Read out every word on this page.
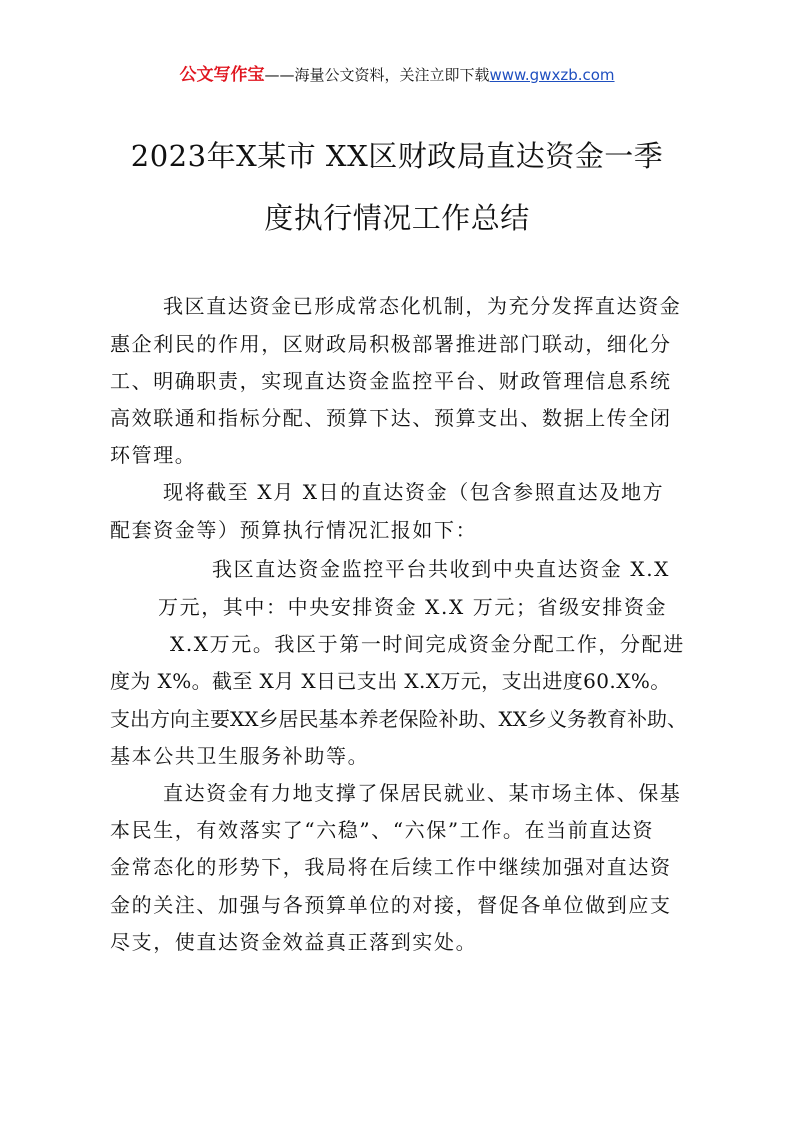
公文写作宝——海量公文资料，关注立即下载www.gwxzb.com
2023年X某市 XX区财政局直达资金一季
度执行情况工作总结
我区直达资金已形成常态化机制，为充分发挥直达资金
惠企利民的作用，区财政局积极部署推进部门联动，细化分
工、明确职责，实现直达资金监控平台、财政管理信息系统
高效联通和指标分配、预算下达、预算支出、数据上传全闭
环管理。
现将截至 X月 X日的直达资金（包含参照直达及地方
配套资金等）预算执行情况汇报如下：
我区直达资金监控平台共收到中央直达资金 X.X
万元，其中：中央安排资金 X.X 万元；省级安排资金
X.X万元。我区于第一时间完成资金分配工作，分配进
度为 X%。截至 X月 X日已支出 X.X万元，支出进度60.X%。
支出方向主要XX乡居民基本养老保险补助、XX乡义务教育补助、
基本公共卫生服务补助等。
直达资金有力地支撑了保居民就业、某市场主体、保基
本民生，有效落实了“六稳”、“六保”工作。在当前直达资
金常态化的形势下，我局将在后续工作中继续加强对直达资
金的关注、加强与各预算单位的对接，督促各单位做到应支
尽支，使直达资金效益真正落到实处。
